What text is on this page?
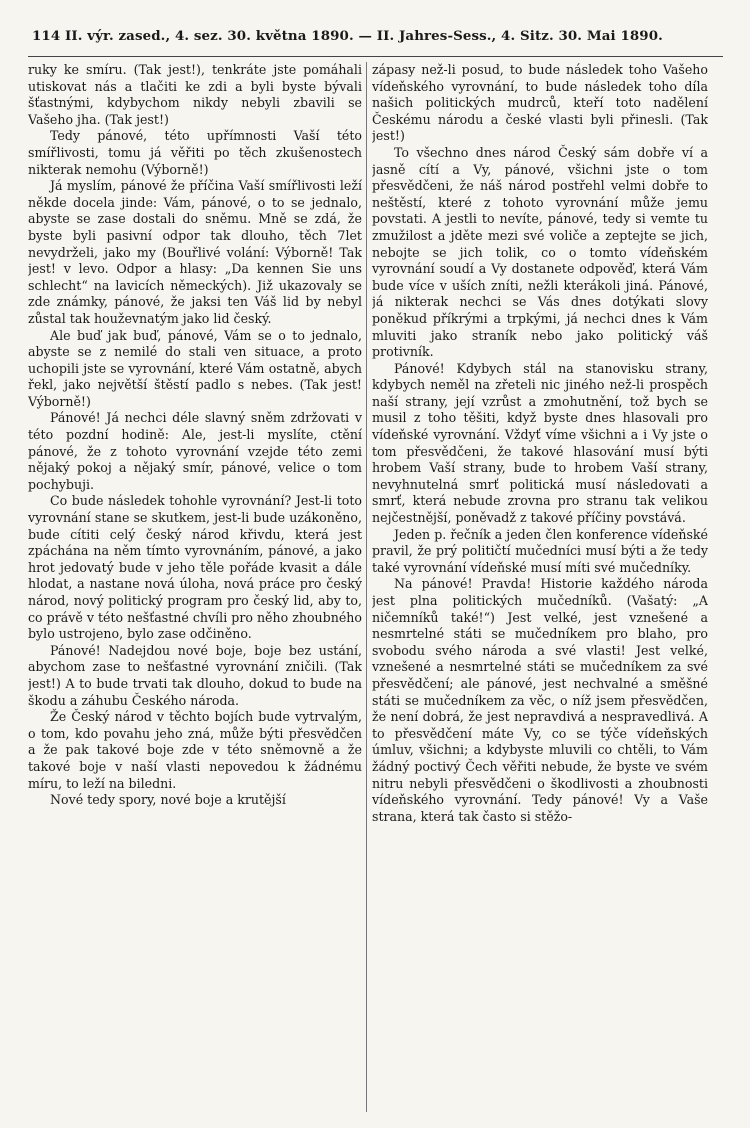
114 II. výr. zased., 4. sez. 30. května 1890. — II. Jahres-Sess., 4. Sitz. 30. Mai 1890.

ruky ke smíru. (Tak jest!), tenkráte jste pomáhali utiskovat nás a tlačiti ke zdi a byli byste bývali šťastnými, kdybychom nikdy nebyli zbavili se Vašeho jha. (Tak jest!)

Tedy pánové, této upřímnosti Vaší této smířlivosti, tomu já věřiti po těch zkušenostech nikterak nemohu (Výborně!)

Já myslím, pánové že příčina Vaší smířlivosti leží někde docela jinde: Vám, pánové, o to se jednalo, abyste se zase dostali do sněmu. Mně se zdá, že byste byli pasivní odpor tak dlouho, těch 7let nevydrželi, jako my (Bouřlivé volání: Výborně! Tak jest! v levo. Odpor a hlasy: „Da kennen Sie uns schlecht“ na lavicích německých). Již ukazovaly se zde známky, pánové, že jaksi ten Váš lid by nebyl zůstal tak houževnatým jako lid český.

Ale buď jak buď, pánové, Vám se o to jednalo, abyste se z nemilé do stali ven situace, a proto uchopili jste se vyrovnání, které Vám ostatně, abych řekl, jako největší štěstí padlo s nebes. (Tak jest! Výborně!)

Pánové! Já nechci déle slavný sněm zdržovati v této pozdní hodině: Ale, jest-li myslíte, ctění pánové, že z tohoto vyrovnání vzejde této zemi nějaký pokoj a nějaký smír, pánové, velice o tom pochybuji.

Co bude následek tohohle vyrovnání? Jest-li toto vyrovnání stane se skutkem, jest-li bude uzákoněno, bude cítiti celý český národ křivdu, která jest zpáchána na něm tímto vyrovnáním, pánové, a jako hrot jedovatý bude v jeho těle pořáde kvasit a dále hlodat, a nastane nová úloha, nová práce pro český národ, nový politický program pro český lid, aby to, co právě v této nešťastné chvíli pro něho zhoubného bylo ustrojeno, bylo zase odčiněno.

Pánové! Nadejdou nové boje, boje bez ustání, abychom zase to nešťastné vyrovnání zničili. (Tak jest!) A to bude trvati tak dlouho, dokud to bude na škodu a záhubu Českého národa.

Že Český národ v těchto bojích bude vytrvalým, o tom, kdo povahu jeho zná, může býti přesvědčen a že pak takové boje zde v této sněmovně a že takové boje v naší vlasti nepovedou k žádnému míru, to leží na biledni.

Nové tedy spory, nové boje a krutější

zápasy než-li posud, to bude následek toho Vašeho vídeňského vyrovnání, to bude následek toho díla našich politických mudrců, kteří toto nadělení Českému národu a české vlasti byli přinesli. (Tak jest!)

To všechno dnes národ Český sám dobře ví a jasně cítí a Vy, pánové, všichni jste o tom přesvědčeni, že náš národ postřehl velmi dobře to neštěstí, které z tohoto vyrovnání může jemu povstati. A jestli to nevíte, pánové, tedy si vemte tu zmužilost a jděte mezi své voliče a zeptejte se jich, nebojte se jich tolik, co o tomto vídeňském vyrovnání soudí a Vy dostanete odpověď, která Vám bude více v uších zníti, nežli kterákoli jiná. Pánové, já nikterak nechci se Vás dnes dotýkati slovy poněkud příkrými a trpkými, já nechci dnes k Vám mluviti jako straník nebo jako politický váš protivník.

Pánové! Kdybych stál na stanovisku strany, kdybych neměl na zřeteli nic jiného než-li prospěch naší strany, její vzrůst a zmohutnění, tož bych se musil z toho těšiti, když byste dnes hlasovali pro vídeňské vyrovnání. Vždyť víme všichni a i Vy jste o tom přesvědčeni, že takové hlasování musí býti hrobem Vaší strany, bude to hrobem Vaší strany, nevyhnutelná smrť politická musí následovati a smrť, která nebude zrovna pro stranu tak velikou nejčestnější, poněvadž z takové příčiny povstává.

Jeden p. řečník a jeden člen konference vídeňské pravil, že prý političtí mučedníci musí býti a že tedy také vyrovnání vídeňské musí míti své mučedníky.

Na pánové! Pravda! Historie každého národa jest plna politických mučedníků. (Vašatý: „A ničemníků také!“) Jest velké, jest vznešené a nesmrtelné státi se mučedníkem pro blaho, pro svobodu svého národa a své vlasti! Jest velké, vznešené a nesmrtelné státi se mučedníkem za své přesvědčení; ale pánové, jest nechvalné a směšné státi se mučedníkem za věc, o níž jsem přesvědčen, že není dobrá, že jest nepravdivá a nespravedlivá. A to přesvědčení máte Vy, co se týče vídeňských úmluv, všichni; a kdybyste mluvili co chtěli, to Vám žádný poctivý Čech věřiti nebude, že byste ve svém nitru nebyli přesvědčeni o škodlivosti a zhoubnosti vídeňského vyrovnání. Tedy pánové! Vy a Vaše strana, která tak často si stěžo-
